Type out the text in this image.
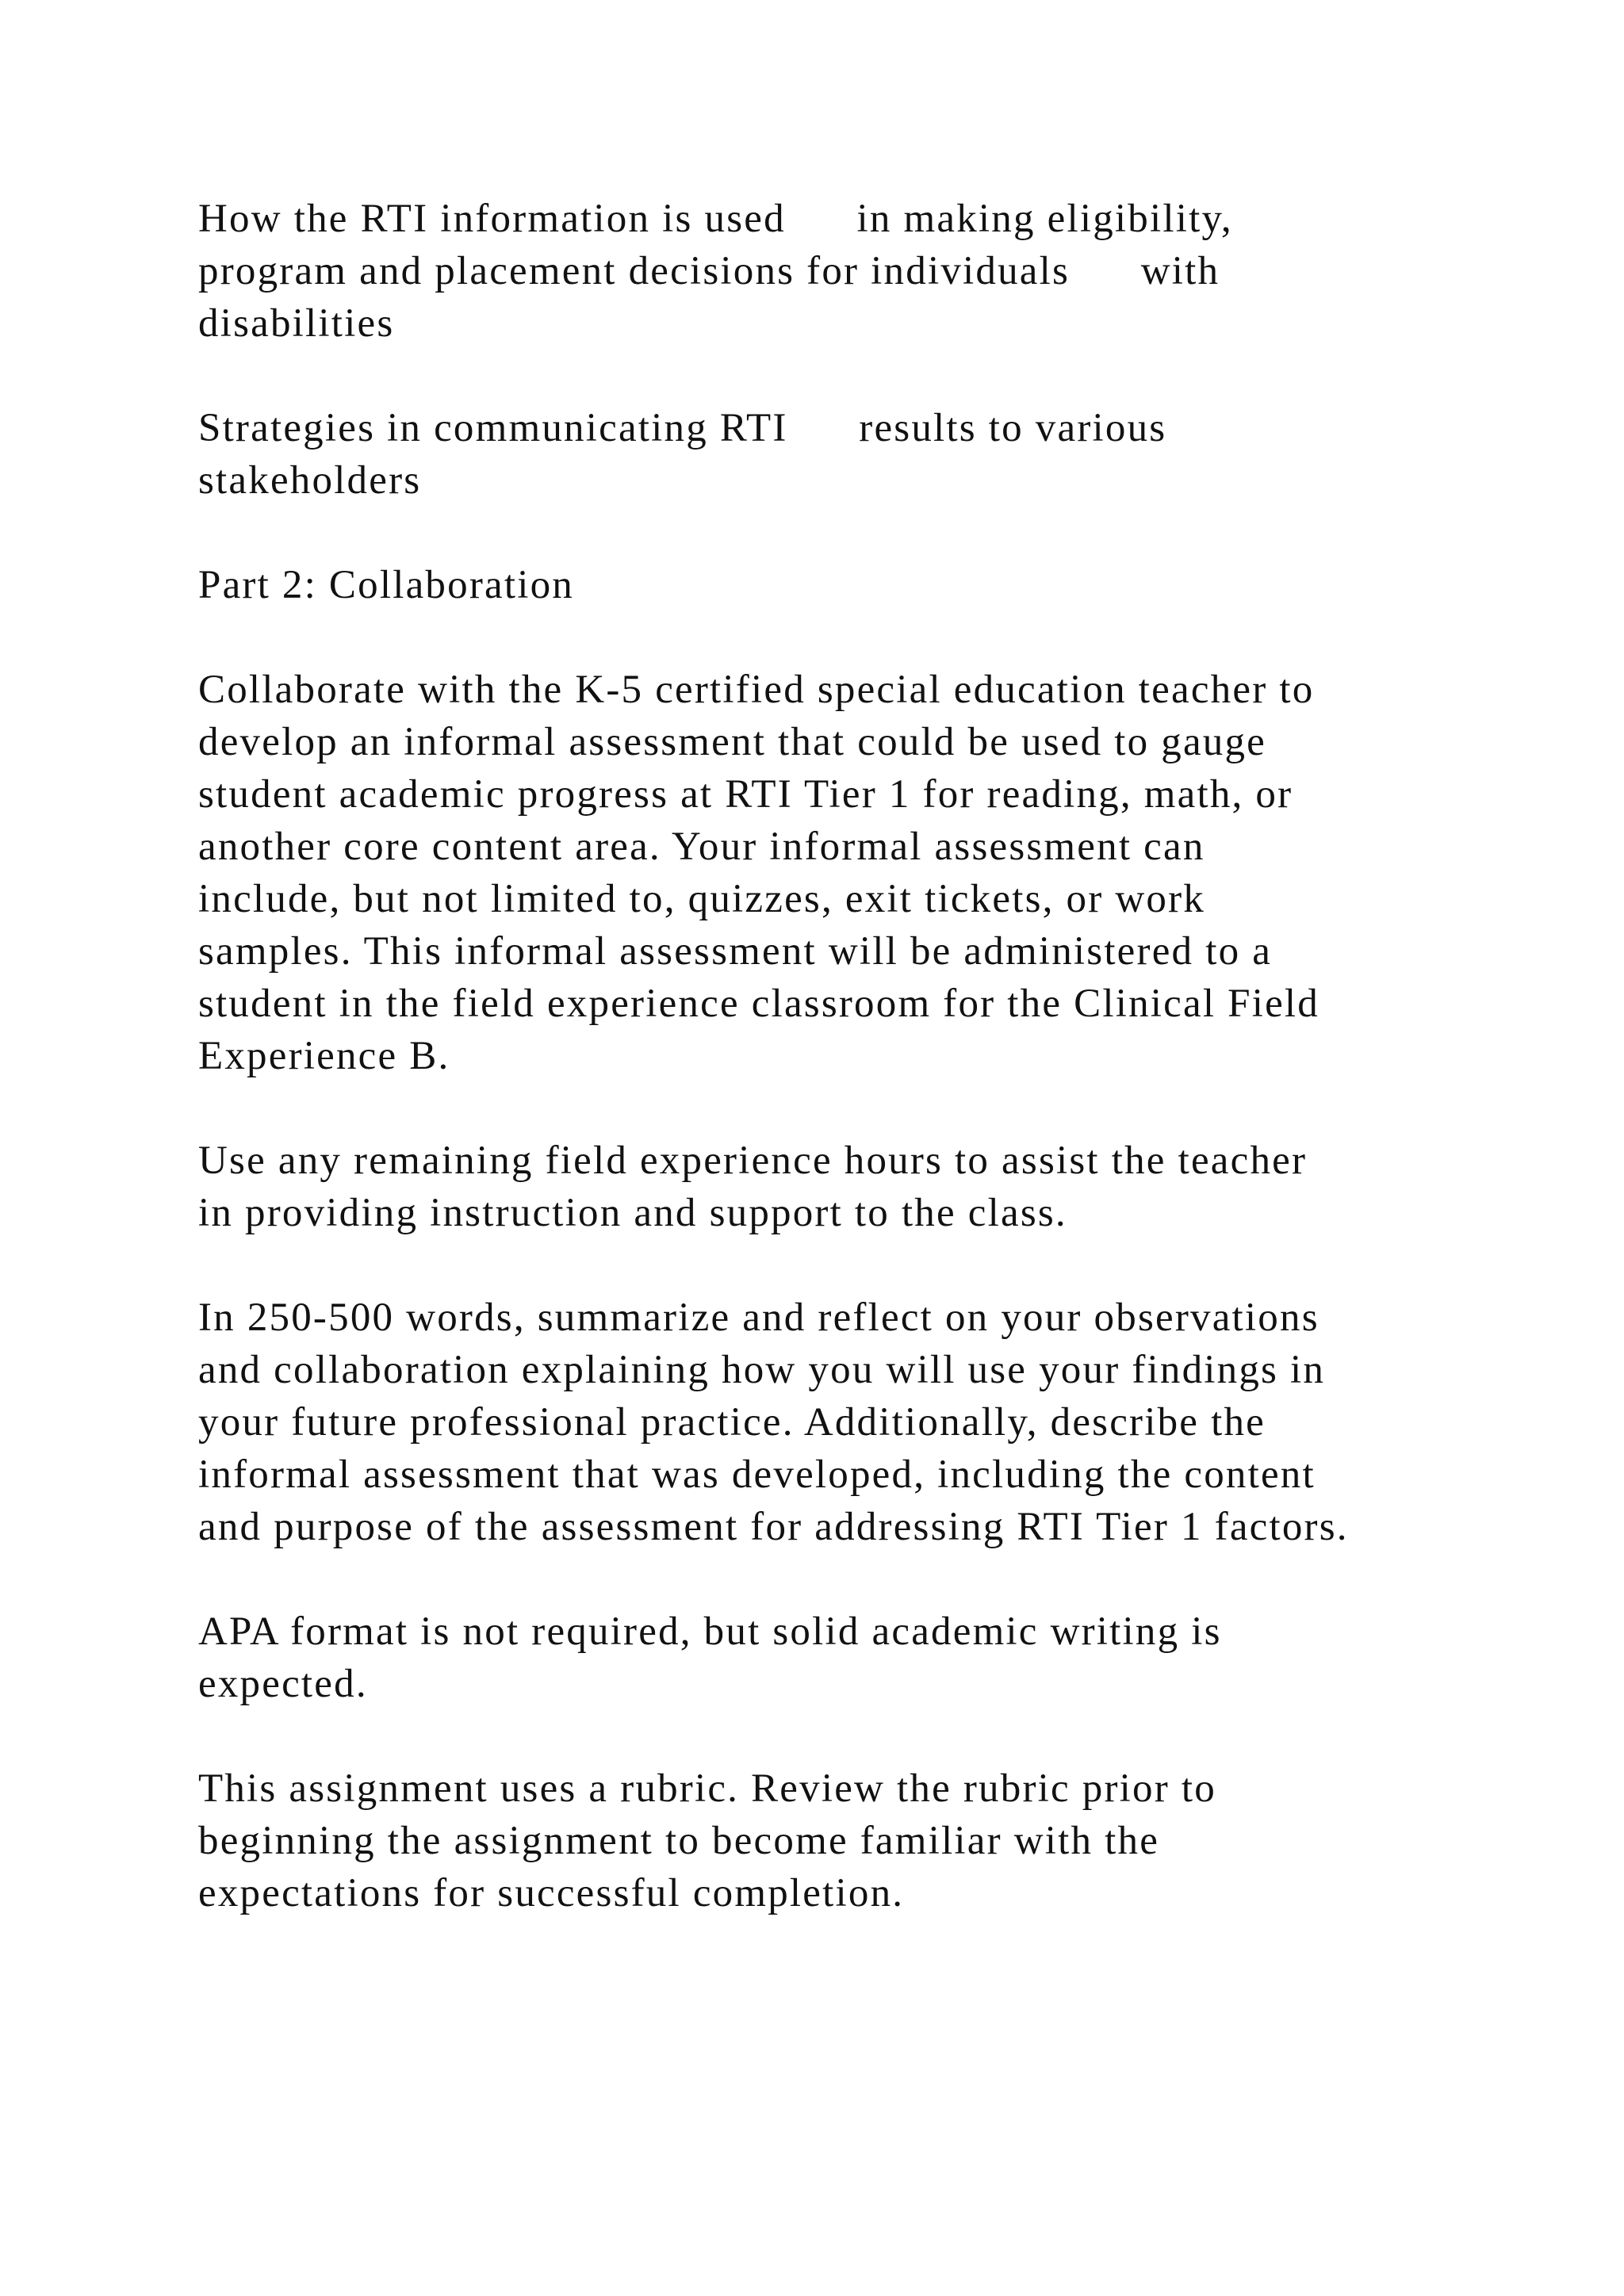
How the RTI information is used      in making eligibility,
program and placement decisions for individuals      with
disabilities

Strategies in communicating RTI      results to various
stakeholders

Part 2: Collaboration

Collaborate with the K-5 certified special education teacher to
develop an informal assessment that could be used to gauge
student academic progress at RTI Tier 1 for reading, math, or
another core content area. Your informal assessment can
include, but not limited to, quizzes, exit tickets, or work
samples. This informal assessment will be administered to a
student in the field experience classroom for the Clinical Field
Experience B.

Use any remaining field experience hours to assist the teacher
in providing instruction and support to the class.

In 250-500 words, summarize and reflect on your observations
and collaboration explaining how you will use your findings in
your future professional practice. Additionally, describe the
informal assessment that was developed, including the content
and purpose of the assessment for addressing RTI Tier 1 factors.

APA format is not required, but solid academic writing is
expected.

This assignment uses a rubric. Review the rubric prior to
beginning the assignment to become familiar with the
expectations for successful completion.
